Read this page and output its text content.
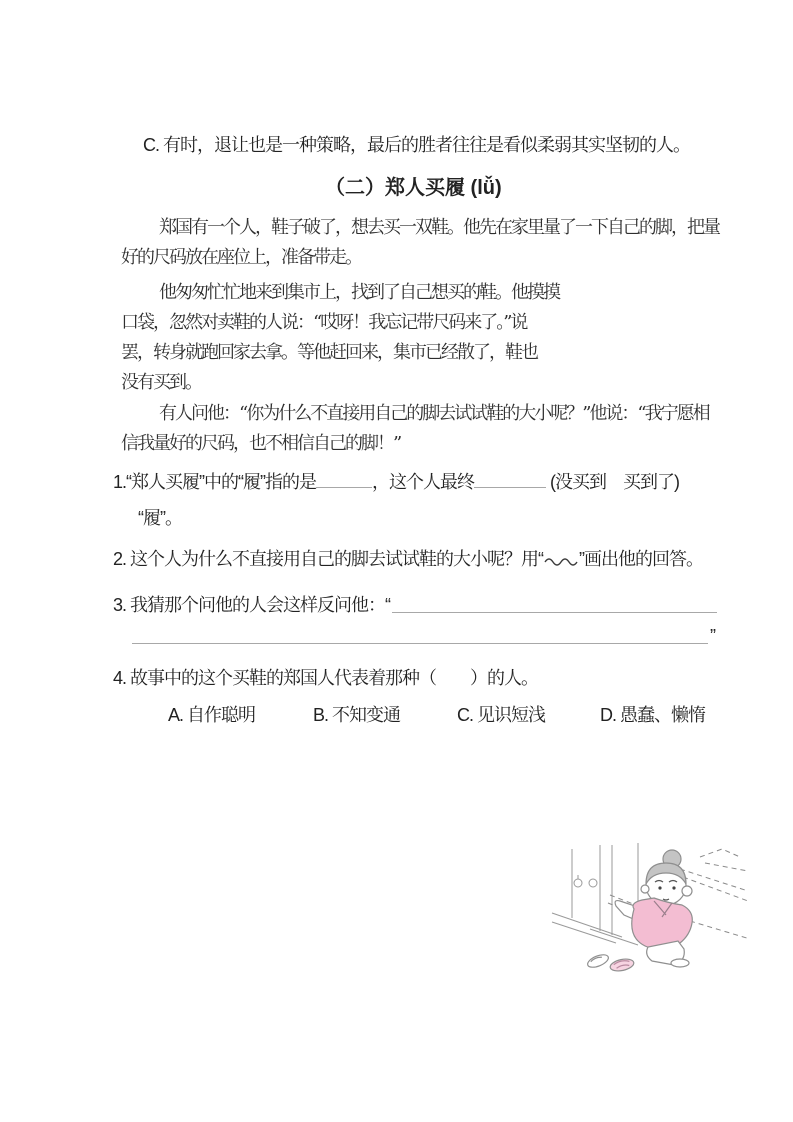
C. 有时，退让也是一种策略，最后的胜者往往是看似柔弱其实坚韧的人。
（二）郑人买履 (lǚ)
郑国有一个人，鞋子破了，想去买一双鞋。他先在家里量了一下自己的脚，把量
好的尺码放在座位上，准备带走。
他匆匆忙忙地来到集市上，找到了自己想买的鞋。他摸摸
口袋，忽然对卖鞋的人说：“哎呀！我忘记带尺码来了。”说
罢，转身就跑回家去拿。等他赶回来，集市已经散了，鞋也
没有买到。
有人问他：“你为什么不直接用自己的脚去试试鞋的大小呢？”他说：“我宁愿相
信我量好的尺码，也不相信自己的脚！”
1.“郑人买履”中的“履”指的是	，这个人最终	(没买到　买到了)
“履”。
2. 这个人为什么不直接用自己的脚去试试鞋的大小呢？用“ ”画出他的回答。
3. 我猜那个问他的人会这样反问他：“
”
4. 故事中的这个买鞋的郑国人代表着那种（　　）的人。
A. 自作聪明	B. 不知变通	C. 见识短浅	D. 愚蠢、懒惰
